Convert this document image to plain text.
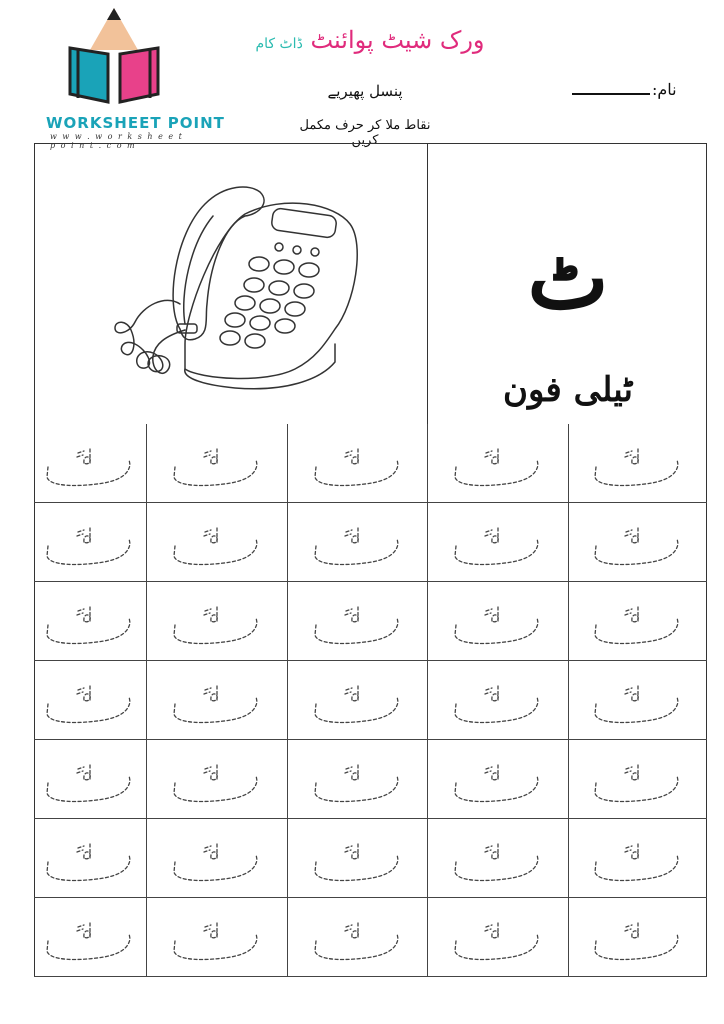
WORKSHEET POINT
w w w . w o r k s h e e t p o i n t . c o m
ورک شیٹ پوائنٹ ڈاٹ کام
پنسل پھیریے
نقاط ملا کر حرف مکمل کریں
نام:
ٹ
ٹیلی فون
